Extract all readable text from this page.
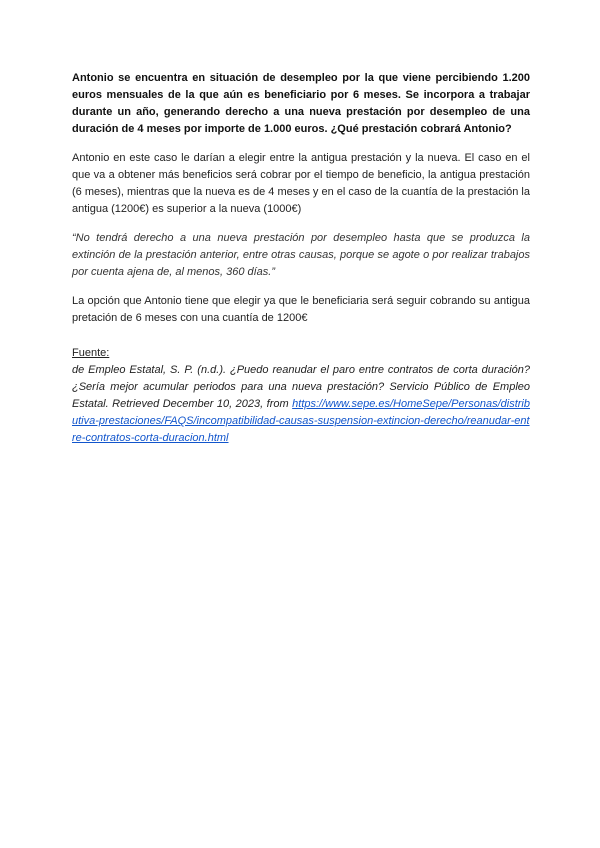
Antonio se encuentra en situación de desempleo por la que viene percibiendo 1.200 euros mensuales de la que aún es beneficiario por 6 meses. Se incorpora a trabajar durante un año, generando derecho a una nueva prestación por desempleo de una duración de 4 meses por importe de 1.000 euros. ¿Qué prestación cobrará Antonio?

Antonio en este caso le darían a elegir entre la antigua prestación y la nueva. El caso en el que va a obtener más beneficios será cobrar por el tiempo de beneficio, la antigua prestación (6 meses), mientras que la nueva es de 4 meses y en el caso de la cuantía de la prestación la antigua (1200€) es superior a la nueva (1000€)

“No tendrá derecho a una nueva prestación por desempleo hasta que se produzca la extinción de la prestación anterior, entre otras causas, porque se agote o por realizar trabajos por cuenta ajena de, al menos, 360 días.”

La opción que Antonio tiene que elegir ya que le beneficiaria será seguir cobrando su antigua pretación de 6 meses con una cuantía de 1200€

Fuente:

de Empleo Estatal, S. P. (n.d.). ¿Puedo reanudar el paro entre contratos de corta duración? ¿Sería mejor acumular periodos para una nueva prestación? Servicio Público de Empleo Estatal. Retrieved December 10, 2023, from https://www.sepe.es/HomeSepe/Personas/distributiva-prestaciones/FAQS/incompatibilidad-causas-suspension-extincion-derecho/reanudar-entre-contratos-corta-duracion.html
